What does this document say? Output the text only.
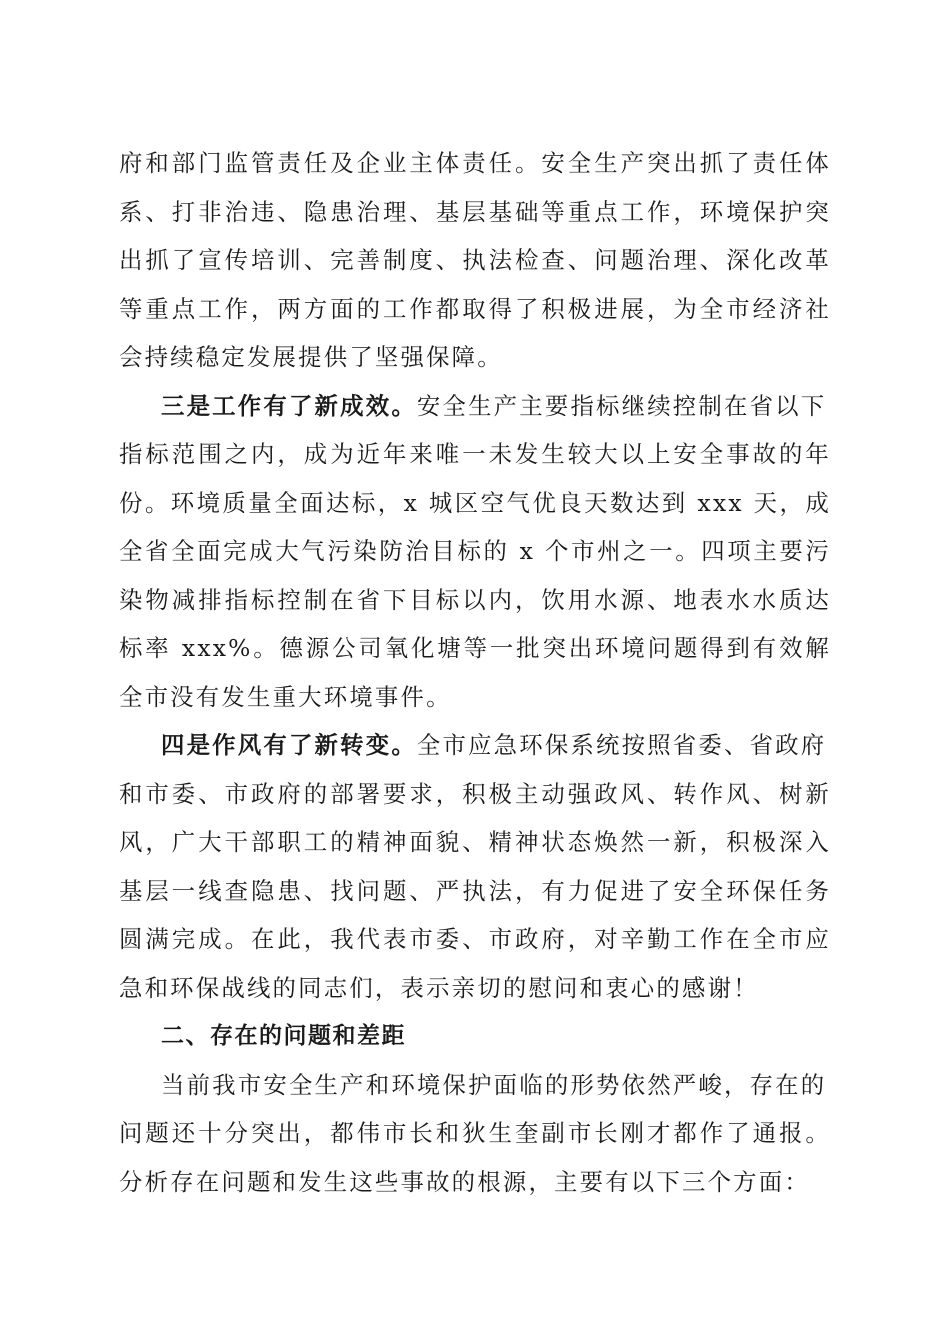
府和部门监管责任及企业主体责任。安全生产突出抓了责任体
系、打非治违、隐患治理、基层基础等重点工作，环境保护突
出抓了宣传培训、完善制度、执法检查、问题治理、深化改革
等重点工作，两方面的工作都取得了积极进展，为全市经济社
会持续稳定发展提供了坚强保障。
三是工作有了新成效。安全生产主要指标继续控制在省以下
指标范围之内，成为近年来唯一未发生较大以上安全事故的年
份。环境质量全面达标，x 城区空气优良天数达到 xxx 天，成
全省全面完成大气污染防治目标的 x 个市州之一。四项主要污
染物减排指标控制在省下目标以内，饮用水源、地表水水质达
标率 xxx%。德源公司氧化塘等一批突出环境问题得到有效解
全市没有发生重大环境事件。
四是作风有了新转变。全市应急环保系统按照省委、省政府
和市委、市政府的部署要求，积极主动强政风、转作风、树新
风，广大干部职工的精神面貌、精神状态焕然一新，积极深入
基层一线查隐患、找问题、严执法，有力促进了安全环保任务
圆满完成。在此，我代表市委、市政府，对辛勤工作在全市应
急和环保战线的同志们，表示亲切的慰问和衷心的感谢！
二、存在的问题和差距
当前我市安全生产和环境保护面临的形势依然严峻，存在的
问题还十分突出，都伟市长和狄生奎副市长刚才都作了通报。
分析存在问题和发生这些事故的根源，主要有以下三个方面：
